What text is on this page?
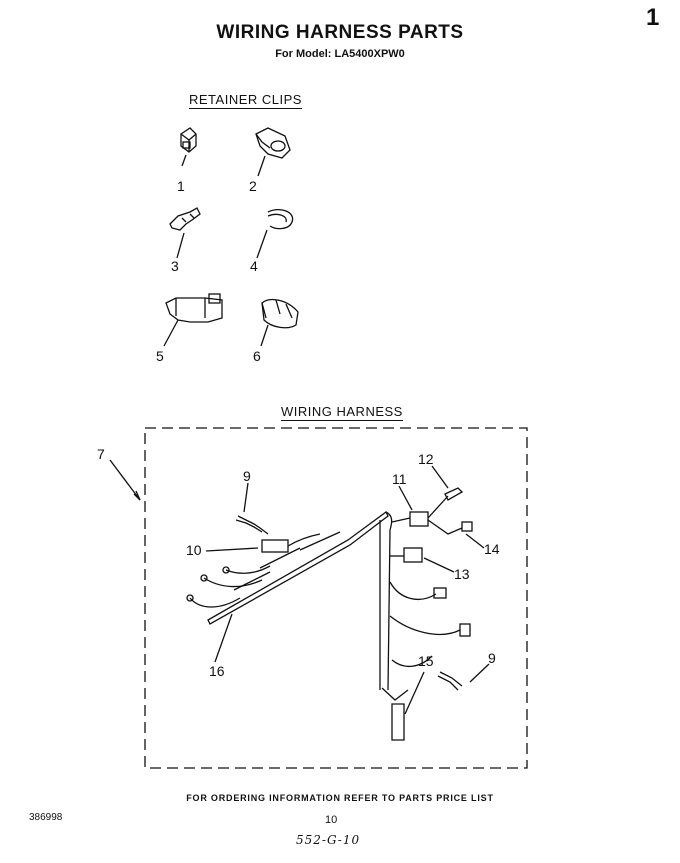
1
WIRING HARNESS PARTS
For Model: LA5400XPW0
RETAINER CLIPS
WIRING HARNESS
1	2
3	4
5	6
7
9
10
11
12
13
14
15
16
9
FOR ORDERING INFORMATION REFER TO PARTS PRICE LIST
386998	10
552-G-10
